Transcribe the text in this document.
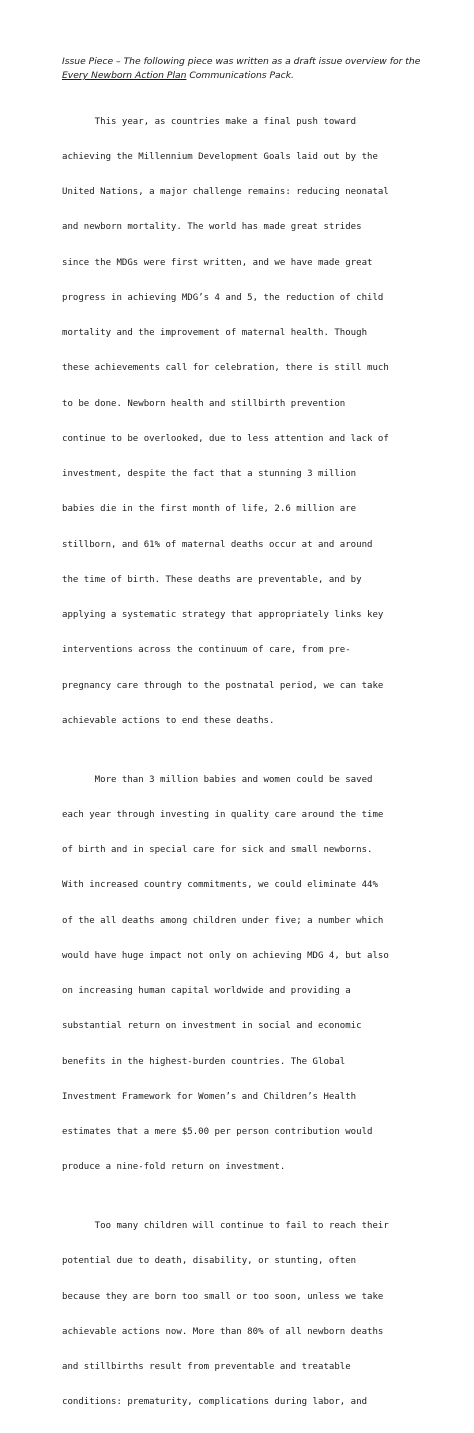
Issue Piece – The following piece was written as a draft issue overview for the
Every Newborn Action Plan Communications Pack.

This year, as countries make a final push toward

achieving the Millennium Development Goals laid out by the

United Nations, a major challenge remains: reducing neonatal

and newborn mortality. The world has made great strides

since the MDGs were first written, and we have made great

progress in achieving MDG’s 4 and 5, the reduction of child

mortality and the improvement of maternal health. Though

these achievements call for celebration, there is still much

to be done. Newborn health and stillbirth prevention

continue to be overlooked, due to less attention and lack of

investment, despite the fact that a stunning 3 million

babies die in the first month of life, 2.6 million are

stillborn, and 61% of maternal deaths occur at and around

the time of birth. These deaths are preventable, and by

applying a systematic strategy that appropriately links key

interventions across the continuum of care, from pre-

pregnancy care through to the postnatal period, we can take

achievable actions to end these deaths.

More than 3 million babies and women could be saved

each year through investing in quality care around the time

of birth and in special care for sick and small newborns.

With increased country commitments, we could eliminate 44%

of the all deaths among children under five; a number which

would have huge impact not only on achieving MDG 4, but also

on increasing human capital worldwide and providing a

substantial return on investment in social and economic

benefits in the highest-burden countries. The Global

Investment Framework for Women’s and Children’s Health

estimates that a mere $5.00 per person contribution would

produce a nine-fold return on investment.

Too many children will continue to fail to reach their

potential due to death, disability, or stunting, often

because they are born too small or too soon, unless we take

achievable actions now. More than 80% of all newborn deaths

and stillbirths result from preventable and treatable

conditions: prematurity, complications during labor, and
